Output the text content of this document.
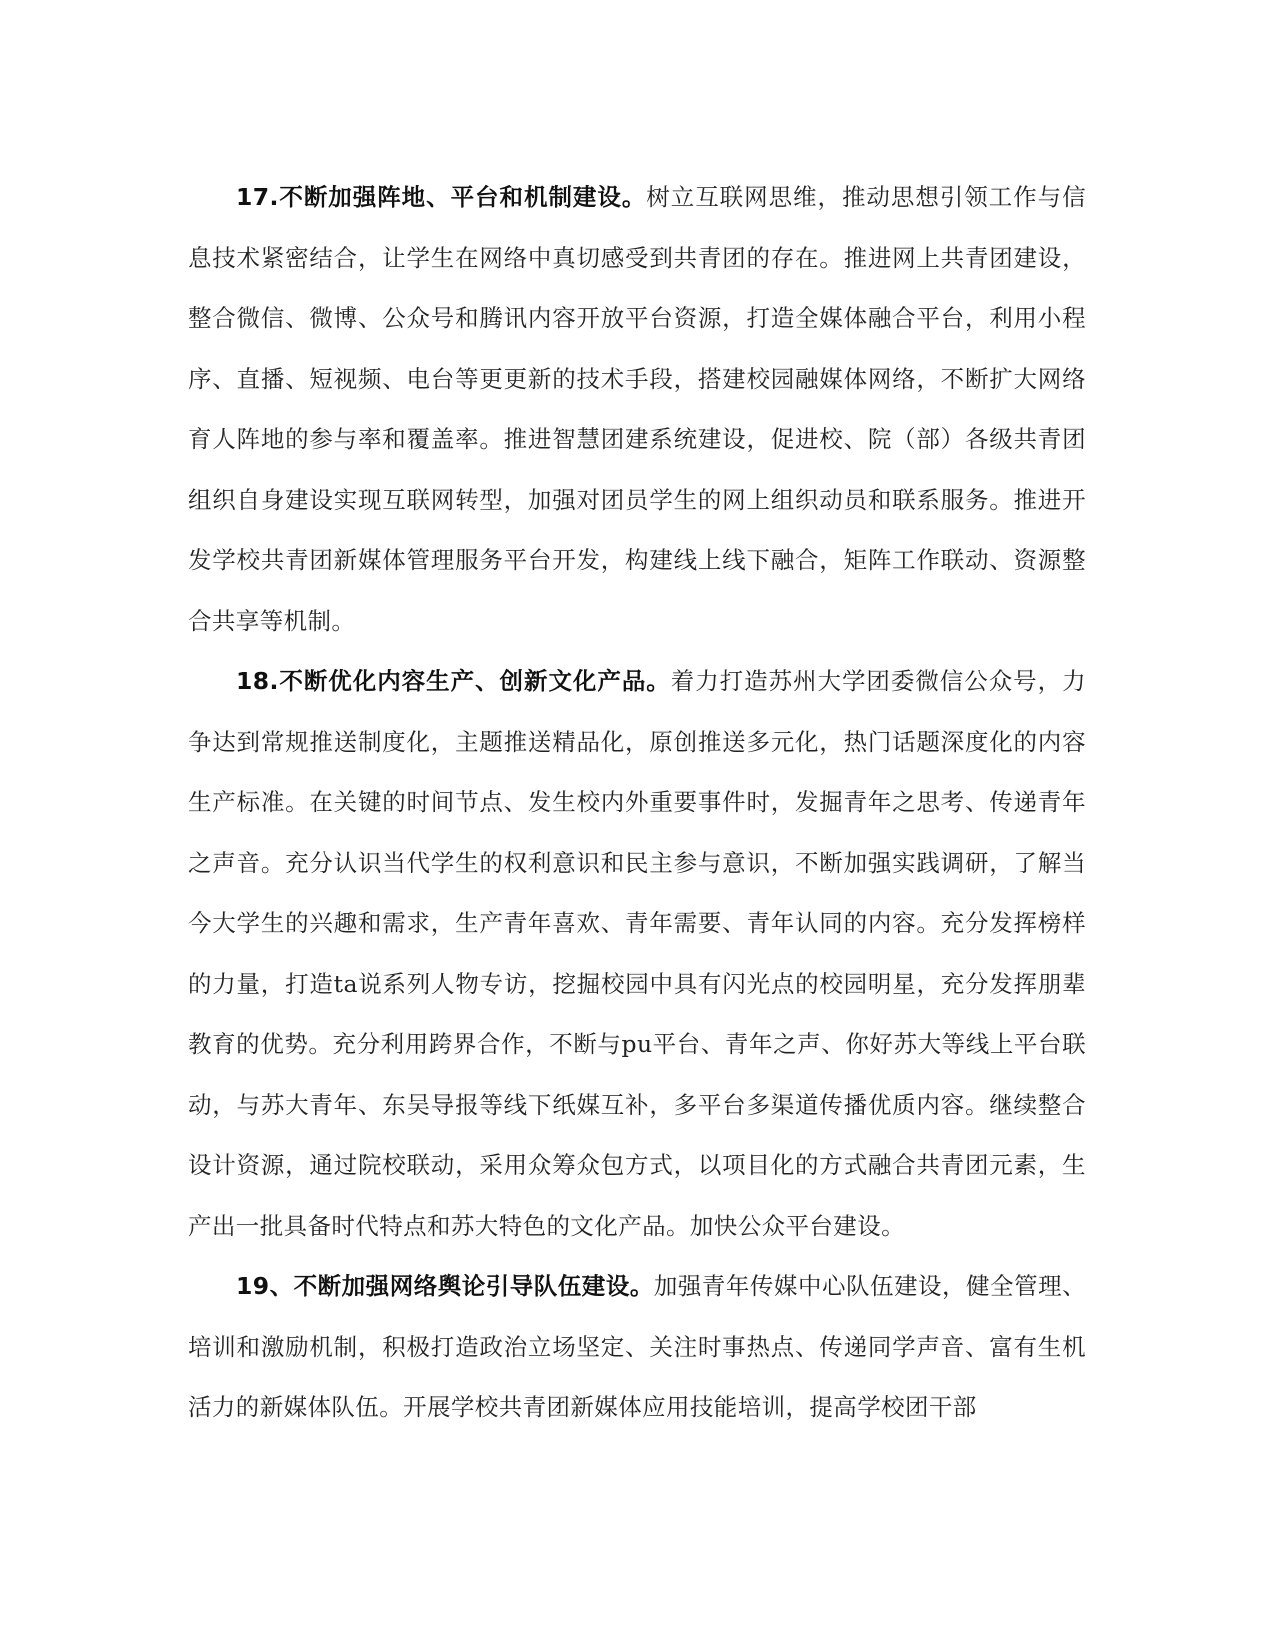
17.不断加强阵地、平台和机制建设。树立互联网思维，推动思想引领工作与信息技术紧密结合，让学生在网络中真切感受到共青团的存在。推进网上共青团建设，整合微信、微博、公众号和腾讯内容开放平台资源，打造全媒体融合平台，利用小程序、直播、短视频、电台等更更新的技术手段，搭建校园融媒体网络，不断扩大网络育人阵地的参与率和覆盖率。推进智慧团建系统建设，促进校、院（部）各级共青团组织自身建设实现互联网转型，加强对团员学生的网上组织动员和联系服务。推进开发学校共青团新媒体管理服务平台开发，构建线上线下融合，矩阵工作联动、资源整合共享等机制。

18.不断优化内容生产、创新文化产品。着力打造苏州大学团委微信公众号，力争达到常规推送制度化，主题推送精品化，原创推送多元化，热门话题深度化的内容生产标准。在关键的时间节点、发生校内外重要事件时，发掘青年之思考、传递青年之声音。充分认识当代学生的权利意识和民主参与意识，不断加强实践调研，了解当今大学生的兴趣和需求，生产青年喜欢、青年需要、青年认同的内容。充分发挥榜样的力量，打造ta说系列人物专访，挖掘校园中具有闪光点的校园明星，充分发挥朋辈教育的优势。充分利用跨界合作，不断与pu平台、青年之声、你好苏大等线上平台联动，与苏大青年、东吴导报等线下纸媒互补，多平台多渠道传播优质内容。继续整合设计资源，通过院校联动，采用众筹众包方式，以项目化的方式融合共青团元素，生产出一批具备时代特点和苏大特色的文化产品。加快公众平台建设。

19、不断加强网络舆论引导队伍建设。加强青年传媒中心队伍建设，健全管理、培训和激励机制，积极打造政治立场坚定、关注时事热点、传递同学声音、富有生机活力的新媒体队伍。开展学校共青团新媒体应用技能培训，提高学校团干部
